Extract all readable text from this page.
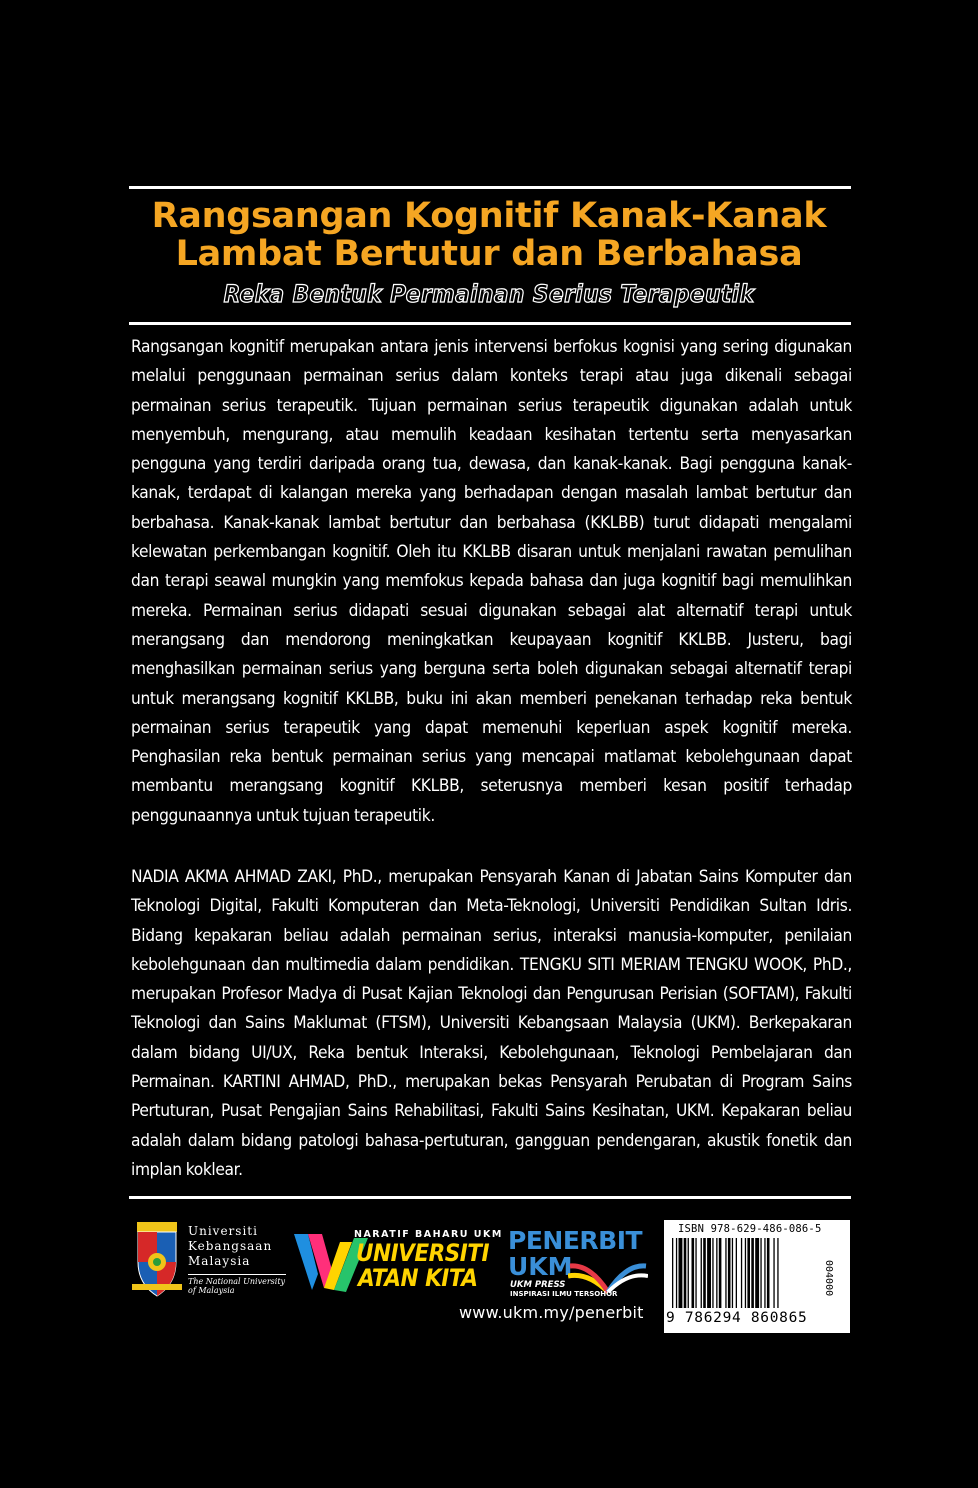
Rangsangan Kognitif Kanak-Kanak
Lambat Bertutur dan Berbahasa
Reka Bentuk Permainan Serius Terapeutik
Rangsangan kognitif merupakan antara jenis intervensi berfokus kognisi yang sering digunakan melalui penggunaan permainan serius dalam konteks terapi atau juga dikenali sebagai permainan serius terapeutik. Tujuan permainan serius terapeutik digunakan adalah untuk menyembuh, mengurang, atau memulih keadaan kesihatan tertentu serta menyasarkan pengguna yang terdiri daripada orang tua, dewasa, dan kanak-kanak. Bagi pengguna kanak-kanak, terdapat di kalangan mereka yang berhadapan dengan masalah lambat bertutur dan berbahasa. Kanak-kanak lambat bertutur dan berbahasa (KKLBB) turut didapati mengalami kelewatan perkembangan kognitif. Oleh itu KKLBB disaran untuk menjalani rawatan pemulihan dan terapi seawal mungkin yang memfokus kepada bahasa dan juga kognitif bagi memulihkan mereka. Permainan serius didapati sesuai digunakan sebagai alat alternatif terapi untuk merangsang dan mendorong meningkatkan keupayaan kognitif KKLBB. Justeru, bagi menghasilkan permainan serius yang berguna serta boleh digunakan sebagai alternatif terapi untuk merangsang kognitif KKLBB, buku ini akan memberi penekanan terhadap reka bentuk permainan serius terapeutik yang dapat memenuhi keperluan aspek kognitif mereka. Penghasilan reka bentuk permainan serius yang mencapai matlamat kebolehgunaan dapat membantu merangsang kognitif KKLBB, seterusnya memberi kesan positif terhadap penggunaannya untuk tujuan terapeutik.
NADIA AKMA AHMAD ZAKI, PhD., merupakan Pensyarah Kanan di Jabatan Sains Komputer dan Teknologi Digital, Fakulti Komputeran dan Meta-Teknologi, Universiti Pendidikan Sultan Idris. Bidang kepakaran beliau adalah permainan serius, interaksi manusia-komputer, penilaian kebolehgunaan dan multimedia dalam pendidikan. TENGKU SITI MERIAM TENGKU WOOK, PhD., merupakan Profesor Madya di Pusat Kajian Teknologi dan Pengurusan Perisian (SOFTAM), Fakulti Teknologi dan Sains Maklumat (FTSM), Universiti Kebangsaan Malaysia (UKM). Berkepakaran dalam bidang UI/UX, Reka bentuk Interaksi, Kebolehgunaan, Teknologi Pembelajaran dan Permainan. KARTINI AHMAD, PhD., merupakan bekas Pensyarah Perubatan di Program Sains Pertuturan, Pusat Pengajian Sains Rehabilitasi, Fakulti Sains Kesihatan, UKM. Kepakaran beliau adalah dalam bidang patologi bahasa-pertuturan, gangguan pendengaran, akustik fonetik dan implan koklear.
Universiti
Kebangsaan
Malaysia
The National University
of Malaysia
NARATIF BAHARU UKM
UNIVERSITI
ATAN KITA
PENERBIT
UKM
UKM PRESS
INSPIRASI ILMU TERSOHOR
www.ukm.my/penerbit
ISBN 978-629-486-086-5
9 786294 860865
004000
